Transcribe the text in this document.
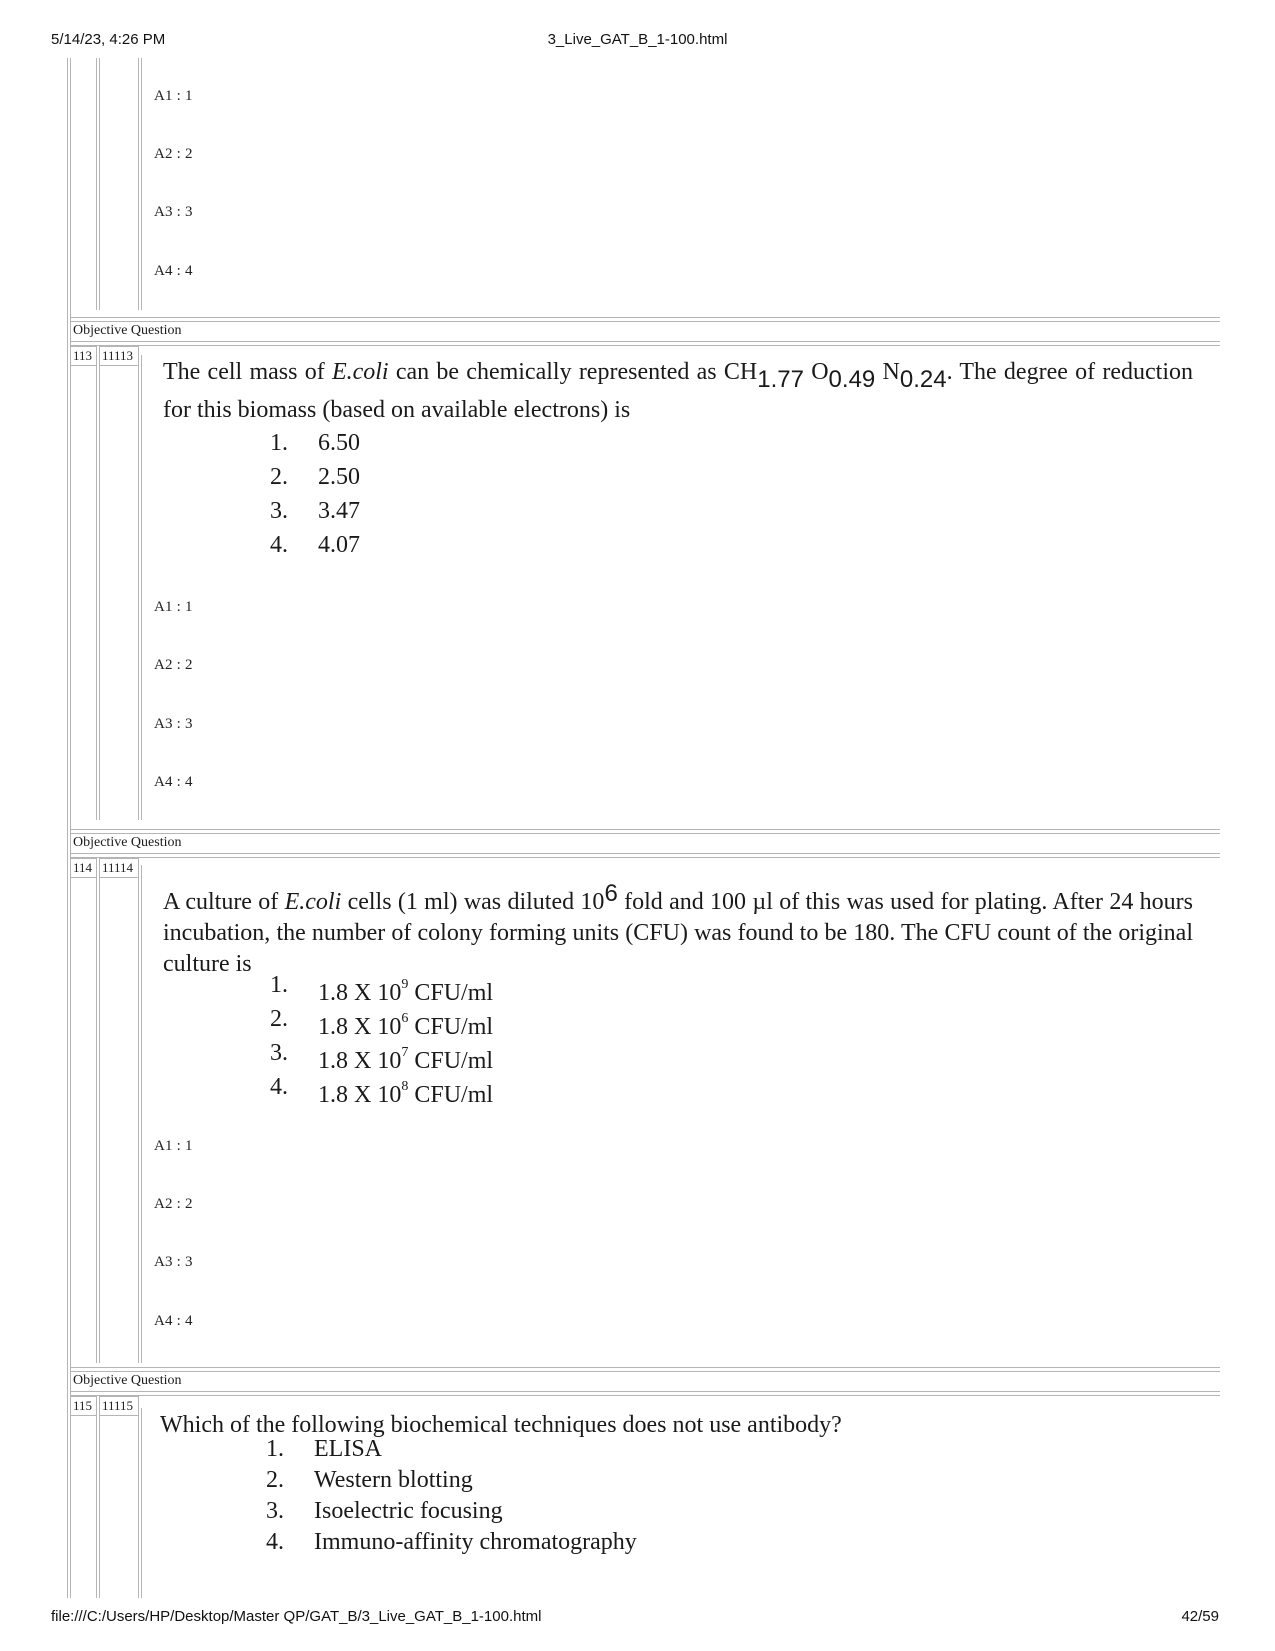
5/14/23, 4:26 PM	3_Live_GAT_B_1-100.html
A1 : 1
A2 : 2
A3 : 3
A4 : 4
Objective Question
113 11113
The cell mass of E.coli can be chemically represented as CH1.77 O0.49 N0.24. The degree of reduction for this biomass (based on available electrons) is
1. 6.50
2. 2.50
3. 3.47
4. 4.07
A1 : 1
A2 : 2
A3 : 3
A4 : 4
Objective Question
114 11114
A culture of E.coli cells (1 ml) was diluted 106 fold and 100 µl of this was used for plating. After 24 hours incubation, the number of colony forming units (CFU) was found to be 180. The CFU count of the original culture is
1. 1.8 X $10^9$ CFU/ml
2. 1.8 X $10^6$ CFU/ml
3. 1.8 X $10^7$ CFU/ml
4. 1.8 X $10^8$ CFU/ml
A1 : 1
A2 : 2
A3 : 3
A4 : 4
Objective Question
115 11115
Which of the following biochemical techniques does not use antibody?
1. ELISA
2. Western blotting
3. Isoelectric focusing
4. Immuno-affinity chromatography
file:///C:/Users/HP/Desktop/Master QP/GAT_B/3_Live_GAT_B_1-100.html	42/59
